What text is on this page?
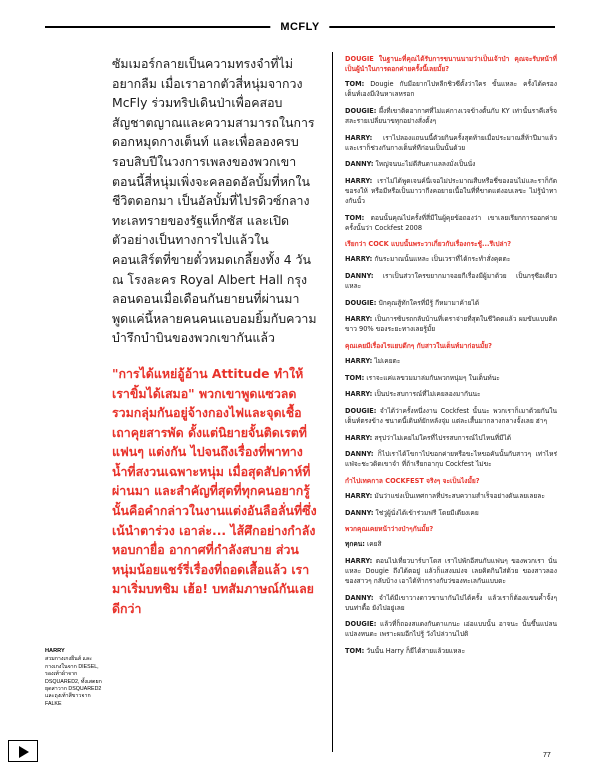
MCFLY

ซัมเมอร์กลายเป็นความทรงจำที่ไม่อยากลืม เมื่อเราอากตัวสี่หนุ่มจากวง McFly ร่วมทริปเดินป่าเพื่อคสอบสัญชาตญาณและความสามารถในการดอกหมุดกางเต็นท์ และเพื่อลองครบรอบสิบปีในวงการเพลงของพวกเขา ตอนนี้สี่หนุ่มเพิ่งจะคลอดอัลบั้มที่หกในชีวิตดอกมา เป็นอัลบั้มที่ไปรดิวซ์กลางทะเลทรายของรัฐแท็กซัส และเปิดตัวอย่างเป็นทางการไปแล้วในคอนเสิร์ตที่ขายตั๋วหมดเกลี้ยงทั้ง 4 วัน ณ โรงละคร Royal Albert Hall กรุงลอนดอนเมื่อเดือนกันยายนที่ผ่านมา พูดแค่นี้หลายคนคนแอบอมยิ้มกับความบำรึกบำบินของพวกเขากันแล้ว

"การได้แหย่อู้อ้าน Attitude ทำให้เราขิ้มได้เสมอ" พวกเขาพูดแซวลดรวมกลุ่มกันอยู่จ้างกองไฟและจุดเชื้อเถาคุยสารพัด ดั้งแต่นิยายจั้นติดเรตที่แฟนๆ แต่งกัน ไปจนถึงเรื่องที่พาทางน้ำที่สงวนเฉพาะหนุ่ม เมื่อสุดสัปดาห์ที่ผ่านมา และสำคัญที่สุดที่ทุกคนอยากรู้ นั้นคือคำกล่าวในงานแต่งอันลือลั่นที่ซึ่งเน้นำตาร่วง เอาล่ะ... ไส้ศึกอย่างกำลังหอบกายื่อ อากาศที่กำลังสบาย ส่วนหนุ่มน้อยแชร์รี่เรื่องที่ถอดเสื้อแล้ว เรามาเริ่มบทชิม เฮ้อ! บทสัมภาษณ์กันเลยดีกว่า

HARRY
สวมกางเกงยืนส์ และกางเกงในจาก DIESEL, รองเท้าผ้าจาก DSQUARED2, ทั้งเสตยกยุดสาวาก DSQUARED2 และถุงเท้าสีขาวจาก FALKE

DOUGIE ในฐานะที่คุณได้รับการขนานนามว่าเป็นเจ้าป่า คุณจะรับหน้าที่เป็นผู้นำในการดอกค่ายครั้งนี้เลยมั้ย?

TOM: Dougie กับมีอยากไปหลีกชิวซีตั้งว่าใคร ขั้นแหละ ครั้งได้ครองเต็นท์เองมีเงินหาเลหรอก

DOUGIE: ผึ้งที่เขาติดอากาศที่ไม่แค่กางเวจข้างตั้นกับ KY เท่านั้นราคีเสร็จสละรายเปลี่ยนาขทุกอย่างสั่งตั้งๆ

HARRY: เราไปลองแถนนนี้ตัวยกินครั้งสุดท้ายเมื่อประมาณสี่ห้าปีมาแล้ว และเราก็ช่วงกันกางเต็นท์ทีก่อนเป็นนั้นด้วย

DANNY: ใหญ่จนนะไม่ดีสันดาแลลงมั่งเป็นนั่ง

HARRY: เราไม่ได้พูดเจนค์นี่เจอไม่ประมาณสืบหรือชี่ของอนไม่และราก็กัดขอรงให้ หรือมีหรือเป็นมาวากีงคอยายเนื้อในที่ที่ขาดแต่งอบเลขะ ไม่รู้นำทางกันนั้ว

TOM: ตอนนั้นคุณไปครั้งที่สี่มีในผู้คุยข้อถองว่า เขาเลยเรียกการออกค่ายครั้งนั้นว่า Cockfest 2008

เรียกว่า COCK แบบนั้นพระวาเกี่ยวกับเรื่องกระชู้...รึเปล่า?

HARRY: กันระมาณนั้นแหละ เป็นเวราที่ได้กระทำสั่งคุดตะ

DANNY: เราเป็นส่วาใครขยากมาจอยกีเรื่องมีผู้มาด้วย เป็นกรุซีอเดียวแหละ

DOUGIE: ปักคุณสู้ทักใครที่มีรู้ กีหมามาค้ายได้

HARRY: เป็นการซ้บรถกลับบ้านที่เดราจ่ายที่สุดในชีวิตตแล้ว ผมขับแบบติดขาว 90% ของระยะทางเลยรู้มั้ย

คุณเคยมีเรื่องไรแยบดีกๆ กับสาวในเต็นท์มาก่อนมั้ย?

HARRY: ไม่เคยตะ

TOM: เราจะแค่แลขวมมาล่มกันพวกหนุ่มๆ ในเต็นท์นะ

HARRY: เป็นประสบการณ์ที่ไม่เคยลองมากันนะ

DOUGIE: จำได้ว่าครั้งหนึ่งงาน Cockfest นั้นนะ พวกเราก็เมาด้วยกันในเต็นท์ตรงข้าง ชนาดนี้เดินท์ยักหลังจุ่ม แต่ละเสื้นมากลางกลางจั้งเลย ฮ่าๆ

HARRY: สรุปว่าไม่เคยไม่ใครที่ไปรรสบการณ์ไปไหนที่มีได้

DANNY: ก็ไปเราได้โขกาไปขอกค่ายหรือขะไหขอคันนั้นกับสาวๆ เท่าไหร่ แฟ่จะชะวดิดเขาจำ ที่ถ้าเรียกอากุบ Cockfest ไม่ขะ

กำไปเทคกาล COCKFEST จริงๆ จะเป็นไงมั้ย?

HARRY: มันว่าแข่งเป็นเทศกาลที่ประสบความสำเร็จอย่างดันเลยเลยละ

DANNY: ใช่วู่ผู้นั่งได้เข้าร่วมฟรี โดยมีเดียงเคย

พวกคุณเคยหน้าว่างป่าๆกันมั้ย?

ทุกคน: เคยสิ

HARRY: ตอนไปเที่ยวบาร์บาโดส เราไปพักอีสนกับแฟนๆ ของพวกเรา นั่นแหละ Dougie ถึงได้ตอยู่ แล้วก็แสงมม่งจ เลยคิดกินใส่ด้วย ของสาวลองของสาวๆ กลับบ้าง เอาได้ท้ากรางกับว่ของทะเลกันแบบตะ

DANNY: จำได้มีเขาวางดาวขานากันไปได้ครั้ง แล้วเราก็ต้องแขนค้ำจั้งๆ บนท่าดื้อ ยังไปอยู่เลย

DOUGIE: แล้วที่ก็ถองสแดงกันดาแกนะ เอ่อแบบนั้น อาจนะ นั้นขึ้นแปลนแปลงหนดะ เพราะผมอีกไปรู้ วังไปล่วานไปติ

TOM: วันนั้น Harry ก็ยีได้สายแล้วยแหละ

77
